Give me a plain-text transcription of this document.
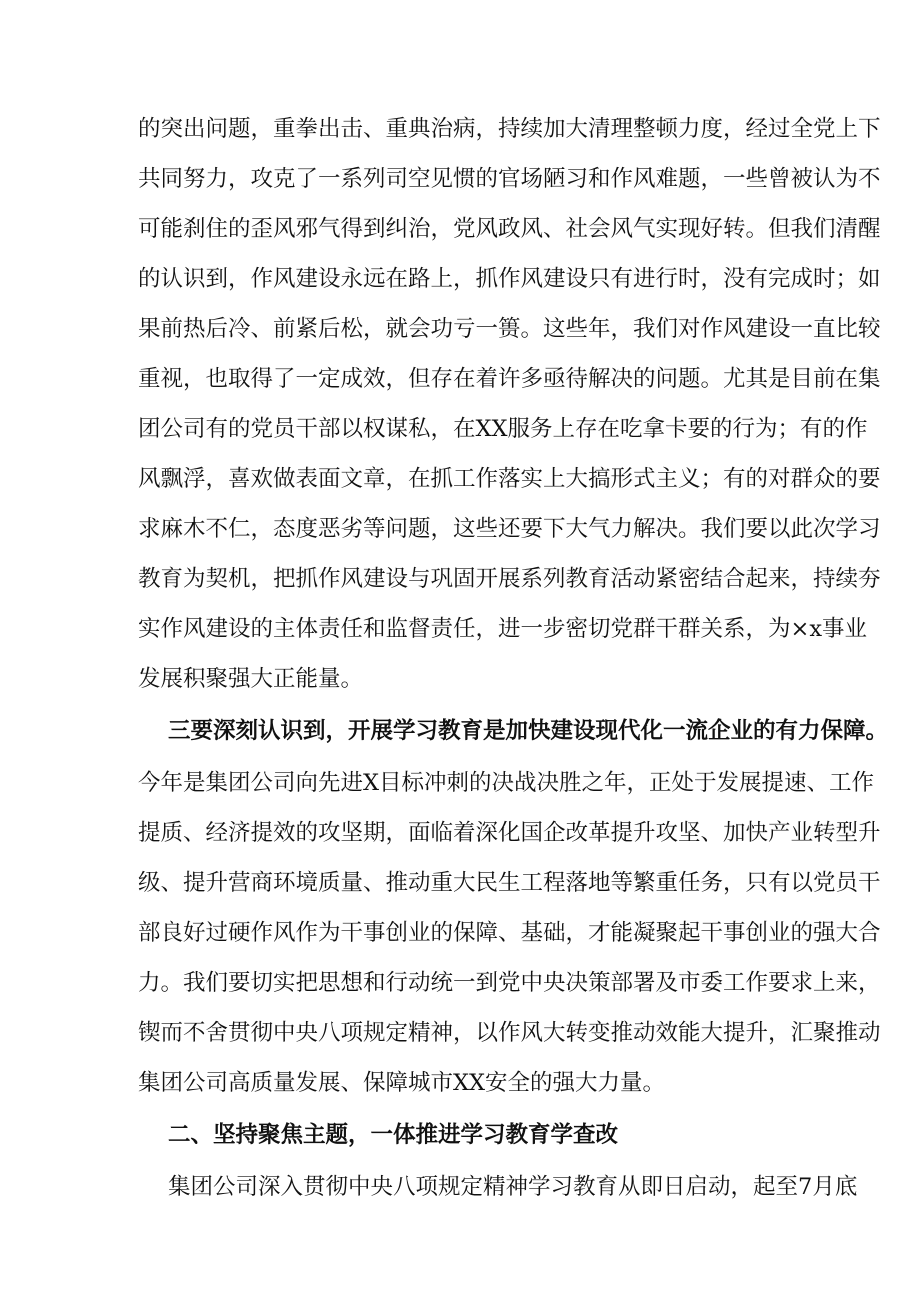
的突出问题，重拳出击、重典治病，持续加大清理整顿力度，经过全党上下
共同努力，攻克了一系列司空见惯的官场陋习和作风难题，一些曾被认为不
可能刹住的歪风邪气得到纠治，党风政风、社会风气实现好转。但我们清醒
的认识到，作风建设永远在路上，抓作风建设只有进行时，没有完成时；如
果前热后冷、前紧后松，就会功亏一篑。这些年，我们对作风建设一直比较
重视，也取得了一定成效，但存在着许多亟待解决的问题。尤其是目前在集
团公司有的党员干部以权谋私，在XX服务上存在吃拿卡要的行为；有的作
风飘浮，喜欢做表面文章，在抓工作落实上大搞形式主义；有的对群众的要
求麻木不仁，态度恶劣等问题，这些还要下大气力解决。我们要以此次学习
教育为契机，把抓作风建设与巩固开展系列教育活动紧密结合起来，持续夯
实作风建设的主体责任和监督责任，进一步密切党群干群关系，为×x事业
发展积聚强大正能量。
三要深刻认识到，开展学习教育是加快建设现代化一流企业的有力保障。
今年是集团公司向先进X目标冲刺的决战决胜之年，正处于发展提速、工作
提质、经济提效的攻坚期，面临着深化国企改革提升攻坚、加快产业转型升
级、提升营商环境质量、推动重大民生工程落地等繁重任务，只有以党员干
部良好过硬作风作为干事创业的保障、基础，才能凝聚起干事创业的强大合
力。我们要切实把思想和行动统一到党中央决策部署及市委工作要求上来，
锲而不舍贯彻中央八项规定精神，以作风大转变推动效能大提升，汇聚推动
集团公司高质量发展、保障城市XX安全的强大力量。
二、坚持聚焦主题，一体推进学习教育学查改
集团公司深入贯彻中央八项规定精神学习教育从即日启动，起至7月底
